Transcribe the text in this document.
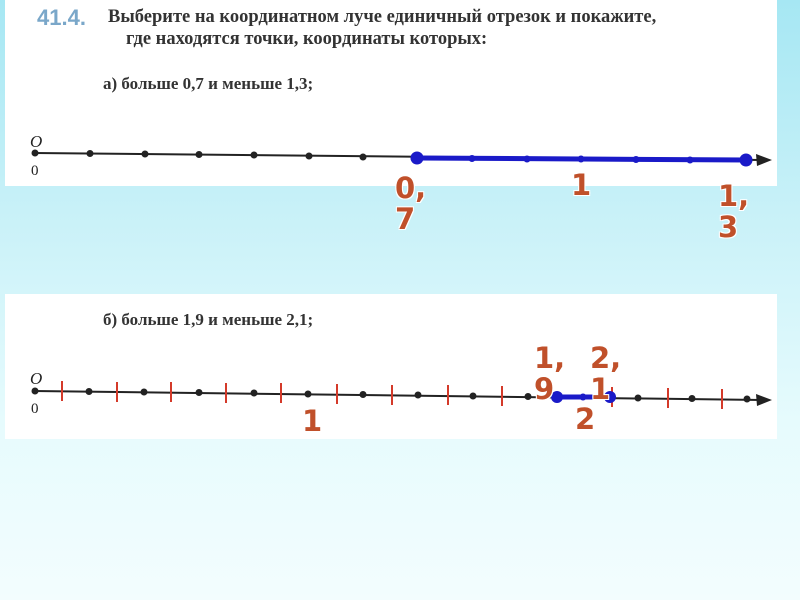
41.4. Выберите на координатном луче единичный отрезок и покажите,
где находятся точки, координаты которых:
а) больше 0,7 и меньше 1,3;
б) больше 1,9 и меньше 2,1;
O
0	0,
7
1	1,
3
O
0	1
1,
9
2,
1
2
